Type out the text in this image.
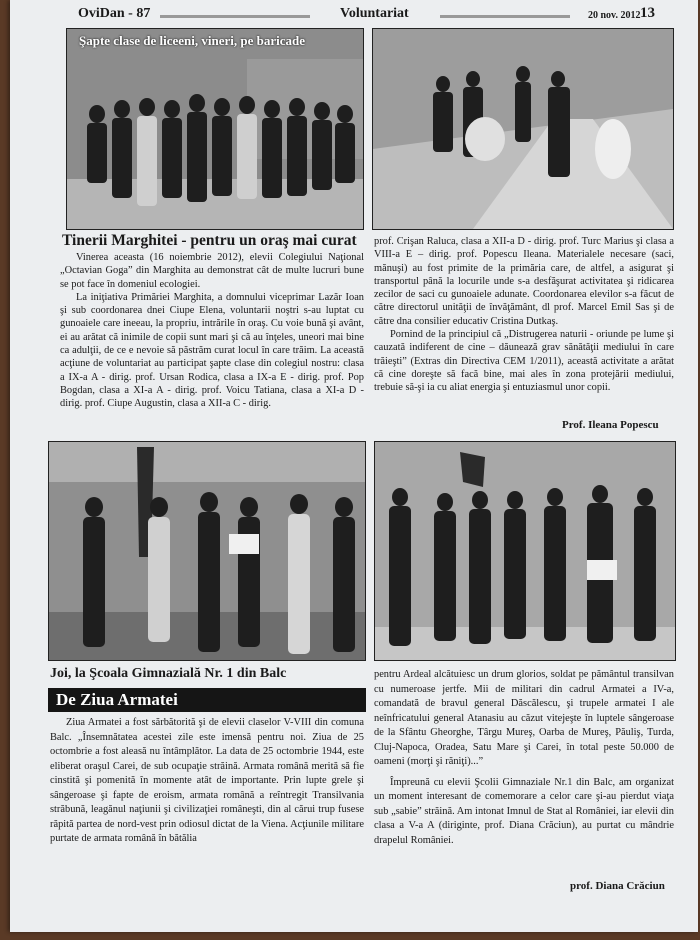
OviDan - 87	Voluntariat	20 nov. 2012 13
Şapte clase de liceeni, vineri, pe baricade
Tinerii Marghitei - pentru un oraş mai curat

Vinerea aceasta (16 noiembrie 2012), elevii Colegiului Naţional „Octavian Goga” din Marghita au demonstrat cât de multe lucruri bune se pot face în domeniul ecologiei.

La iniţiativa Primăriei Marghita, a domnului viceprimar Lazăr Ioan şi sub coordonarea dnei Ciupe Elena, voluntarii noştri s-au luptat cu gunoaiele care ineeau, la propriu, intrările în oraş. Cu voie bună şi avânt, ei au arătat că inimile de copii sunt mari şi că au înţeles, uneori mai bine ca adulţii, de ce e nevoie să păstrăm curat locul în care trăim. La această acţiune de voluntariat au participat şapte clase din colegiul nostru: clasa a IX-a A - dirig. prof. Ursan Rodica, clasa a IX-a E - dirig. prof. Pop Bogdan, clasa a XI-a A - dirig. prof. Voicu Tatiana, clasa a XI-a D - dirig. prof. Ciupe Augustin, clasa a XII-a C - dirig.

prof. Crişan Raluca, clasa a XII-a D - dirig. prof. Turc Marius şi clasa a VIII-a E – dirig. prof. Popescu Ileana. Materialele necesare (saci, mănuşi) au fost primite de la primăria care, de altfel, a asigurat şi transportul până la locurile unde s-a desfăşurat activitatea şi ridicarea zecilor de saci cu gunoaiele adunate. Coordonarea elevilor s-a făcut de către directorul unităţii de învăţământ, dl prof. Marcel Emil Sas şi de către dna consilier educativ Cristina Dutkaş.

Pornind de la principiul că „Distrugerea naturii - oriunde pe lume şi cauzată indiferent de cine – dăunează grav sănătăţii mediului în care trăieşti” (Extras din Directiva CEM 1/2011), această activitate a arătat că cine doreşte să facă bine, mai ales în zona protejării mediului, trebuie să-şi ia cu aliat energia şi entuziasmul unor copii.

Prof. Ileana Popescu
Joi, la Şcoala Gimnazială Nr. 1 din Balc
De Ziua Armatei

Ziua Armatei a fost sărbătorită şi de elevii claselor V-VIII din comuna Balc. „Însemnătatea acestei zile este imensă pentru noi. Ziua de 25 octombrie a fost aleasă nu întâmplător. La data de 25 octombrie 1944, este eliberat oraşul Carei, de sub ocupaţie străină. Armata română merită să fie cinstită şi pomenită în momente atât de importante. Prin lupte grele şi sângeroase şi fapte de eroism, armata română a reîntregit Transilvania străbună, leagănul naţiunii şi civilizaţiei româneşti, din al cărui trup fusese răpită partea de nord-vest prin odiosul dictat de la Viena. Acţiunile militare purtate de armata română în bătălia

pentru Ardeal alcătuiesc un drum glorios, soldat pe pământul transilvan cu numeroase jertfe. Mii de militari din cadrul Armatei a IV-a, comandată de bravul general Dăscălescu, şi trupele armatei I ale neînfricatului general Atanasiu au căzut vitejeşte în luptele sângeroase de la Sfântu Gheorghe, Târgu Mureş, Oarba de Mureş, Păuliş, Turda, Cluj-Napoca, Oradea, Satu Mare şi Carei, în total peste 50.000 de oameni (morţi şi răniţi)...”

Împreună cu elevii Şcolii Gimnaziale Nr.1 din Balc, am organizat un moment interesant de comemorare a celor care şi-au pierdut viaţa sub „sabie” străină. Am intonat Imnul de Stat al României, iar elevii din clasa a V-a A (diriginte, prof. Diana Crăciun), au purtat cu mândrie drapelul României.

prof. Diana Crăciun
